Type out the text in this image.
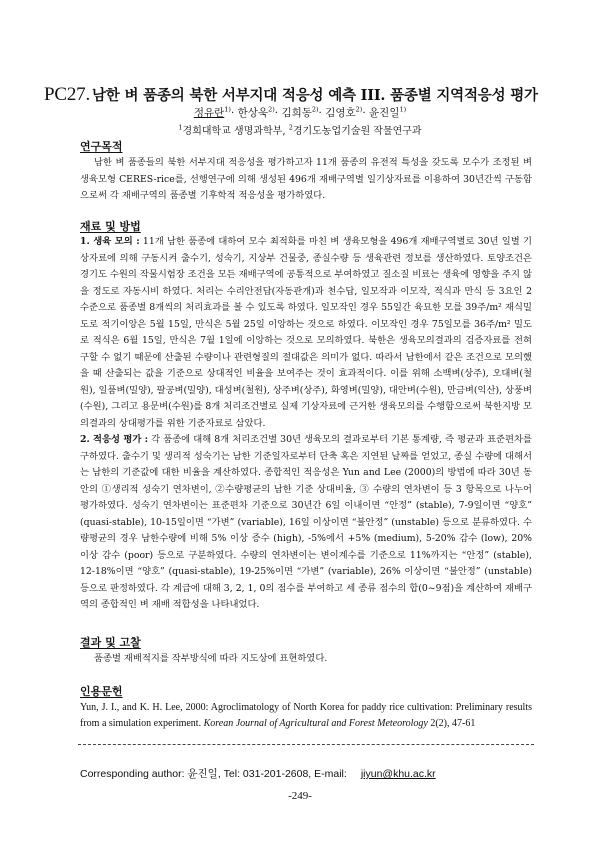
PC27. 남한 벼 품종의 북한 서부지대 적응성 예측 III. 품종별 지역적응성 평가
정유란$^{1)}$· 한상욱$^{2)}$· 김희동$^{2)}$· 김영호$^{2)}$· 윤진일$^{1)}$
$^1$경희대학교 생명과학부, $^2$경기도농업기술원 작물연구과
연구목적

남한 벼 품종들의 북한 서부지대 적응성을 평가하고자 11개 품종의 유전적 특성을 갖도록 모수가 조정된 벼 생육모형 CERES-rice를, 선행연구에 의해 생성된 496개 재배구역별 일기상자료를 이용하여 30년간씩 구동함으로써 각 재배구역의 품종별 기후학적 적응성을 평가하였다.

재료 및 방법

1. 생육 모의 : 11개 남한 품종에 대하여 모수 최적화를 마친 벼 생육모형을 496개 재배구역별로 30년 일별 기상자료에 의해 구동시켜 출수기, 성숙기, 지상부 건물중, 종실수량 등 생육관련 정보를 생산하였다. 토양조건은 경기도 수원의 작물시험장 조건을 모든 재배구역에 공통적으로 부여하였고 질소질 비료는 생육에 영향을 주지 않을 정도로 자동시비 하였다. 처리는 수리안전답(자동관개)과 천수답, 일모작과 이모작, 적식과 만식 등 3요인 2수준으로 품종별 8개씩의 처리효과를 볼 수 있도록 하였다. 일모작인 경우 55일간 육묘한 모를 39주/m² 재식밀도로 적기이앙은 5월 15일, 만식은 5월 25일 이앙하는 것으로 하였다. 이모작인 경우 75일모를 36주/m² 밀도로 적식은 6월 15일, 만식은 7월 1일에 이앙하는 것으로 모의하였다. 북한은 생육모의결과의 검증자료를 전혀 구할 수 없기 때문에 산출된 수량이나 관련형질의 절대값은 의미가 없다. 따라서 남한에서 같은 조건으로 모의했을 때 산출되는 값을 기준으로 상대적인 비율을 보여주는 것이 효과적이다. 이를 위해 소백벼(상주), 오대벼(철원), 일품벼(밀양), 팔공벼(밀양), 대성벼(철원), 상주벼(상주), 화영벼(밀양), 대안벼(수원), 만금벼(익산), 상풍벼(수원), 그리고 용문벼(수원)를 8개 처리조건별로 실제 기상자료에 근거한 생육모의를 수행함으로써 북한지방 모의결과의 상대평가를 위한 기준자료로 삼았다.

2. 적응성 평가 : 각 품종에 대해 8개 처리조건별 30년 생육모의 결과로부터 기본 통계량, 즉 평균과 표준편차를 구하였다. 출수기 및 생리적 성숙기는 남한 기준일자로부터 단축 혹은 지연된 날짜를 얻었고, 종실 수량에 대해서는 남한의 기준값에 대한 비율을 계산하였다. 종합적인 적응성은 Yun and Lee (2000)의 방법에 따라 30년 동안의 ①생리적 성숙기 연차변이, ②수량평균의 남한 기준 상대비율, ③ 수량의 연차변이 등 3 항목으로 나누어 평가하였다. 성숙기 연차변이는 표준편차 기준으로 30년간 6일 이내이면 “안정” (stable), 7-9일이면 “양호” (quasi-stable), 10-15일이면 “가변” (variable), 16일 이상이면 “불안정” (unstable) 등으로 분류하였다. 수량평균의 경우 남한수량에 비해 5% 이상 증수 (high), -5%에서 +5% (medium), 5-20% 감수 (low), 20% 이상 감수 (poor) 등으로 구분하였다. 수량의 연차변이는 변이계수를 기준으로 11%까지는 “안정” (stable), 12-18%이면 “양호” (quasi-stable), 19-25%이면 “가변” (variable), 26% 이상이면 “불안정” (unstable) 등으로 판정하였다. 각 계급에 대해 3, 2, 1, 0의 점수를 부여하고 세 종류 점수의 합(0~9점)을 계산하여 재배구역의 종합적인 벼 재배 적합성을 나타내었다.

결과 및 고찰

품종별 재배적지를 작부방식에 따라 지도상에 표현하였다.

인용문헌
Yun, J. I., and K. H. Lee, 2000: Agroclimatology of North Korea for paddy rice cultivation: Preliminary results from a simulation experiment. Korean Journal of Agricultural and Forest Meteorology 2(2), 47-61
Corresponding author: 윤진일, Tel: 031-201-2608, E-mail: jiyun@khu.ac.kr
-249-
